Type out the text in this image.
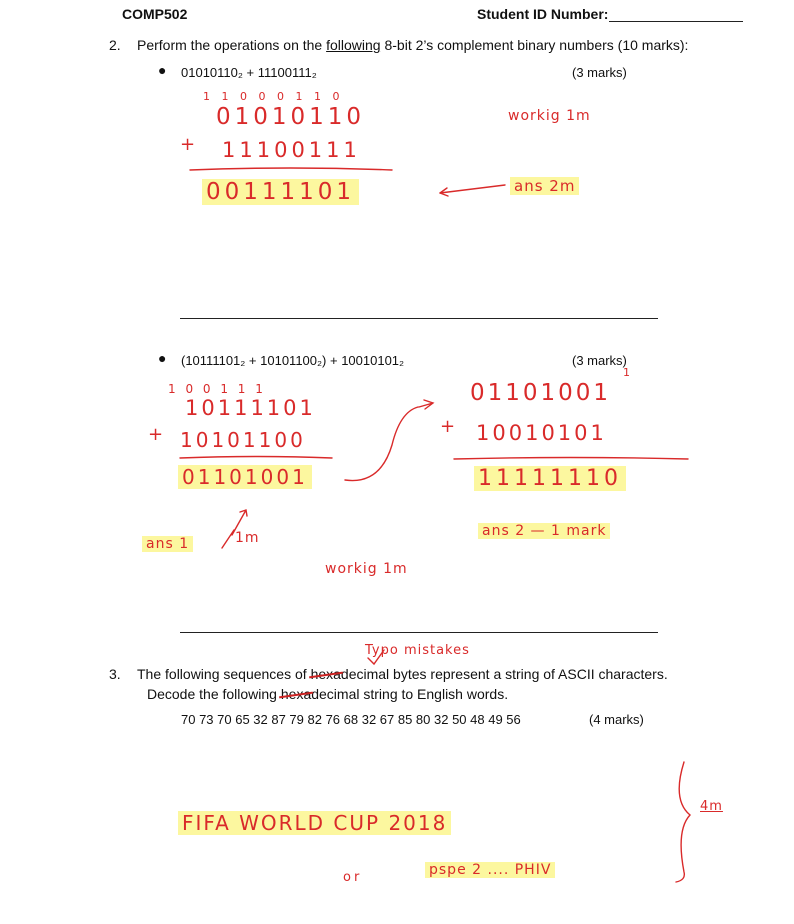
COMP502	Student ID Number:
2. Perform the operations on the following 8-bit 2’s complement binary numbers (10 marks):
● 01010110₂ + 11100111₂	(3 marks)
1 1 0 0 0 1 1 0
01010110
+ 11100111
00111101
workig 1m
ans 2m
● (10111101₂ + 10101100₂) + 10010101₂	(3 marks)
1 0 0 1 1 1
10111101
+ 10101100
01101001
1
01101001
+ 10010101
11111110
ans 1	1m	ans 2 — 1 mark
workig 1m
Typo mistakes
3. The following sequences of hexadecimal bytes represent a string of ASCII characters.
Decode the following hexadecimal string to English words.
70 73 70 65 32 87 79 82 76 68 32 67 85 80 32 50 48 49 56	(4 marks)
FIFA WORLD CUP 2018
or	pspe 2 .... PHIV
4m
